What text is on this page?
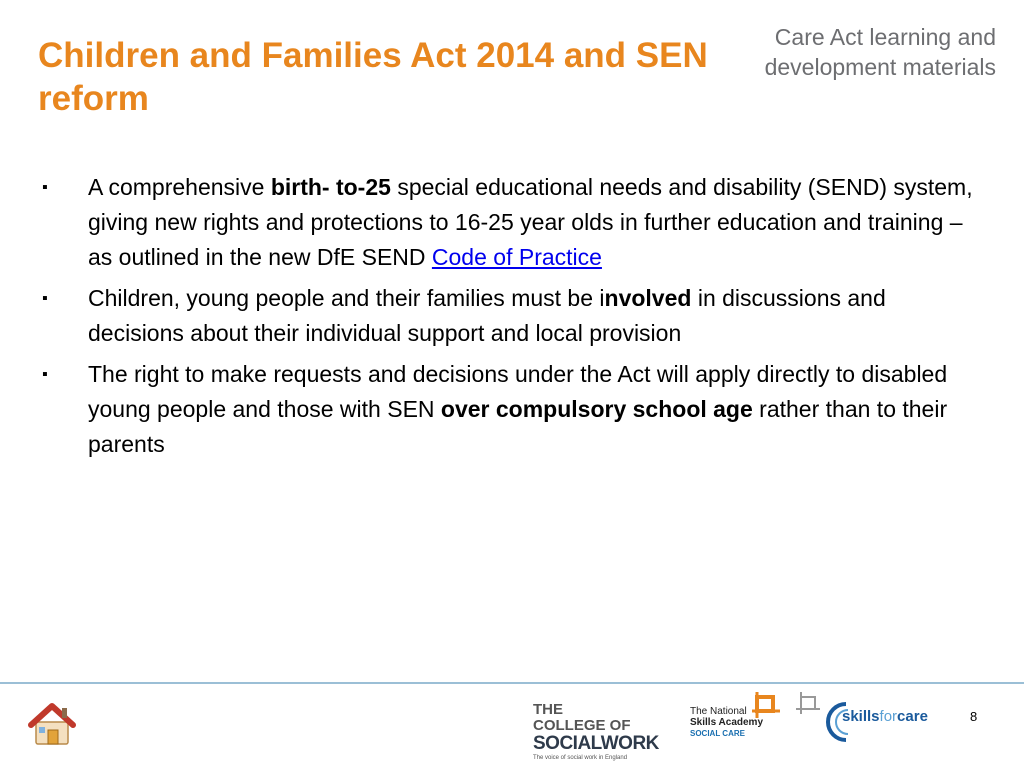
Children and Families Act 2014 and SEN reform
Care Act learning and
development materials
▪ A comprehensive birth- to-25 special educational needs and disability (SEND) system, giving new rights and protections to 16-25 year olds in further education and training – as outlined in the new DfE SEND Code of Practice
▪ Children, young people and their families must be involved in discussions and decisions about their individual support and local provision
▪ The right to make requests and decisions under the Act will apply directly to disabled young people and those with SEN over compulsory school age rather than to their parents
THE COLLEGE OF
SOCIALWORK
The voice of social work in England
The National
Skills Academy
SOCIAL CARE
skillsforcare	8
